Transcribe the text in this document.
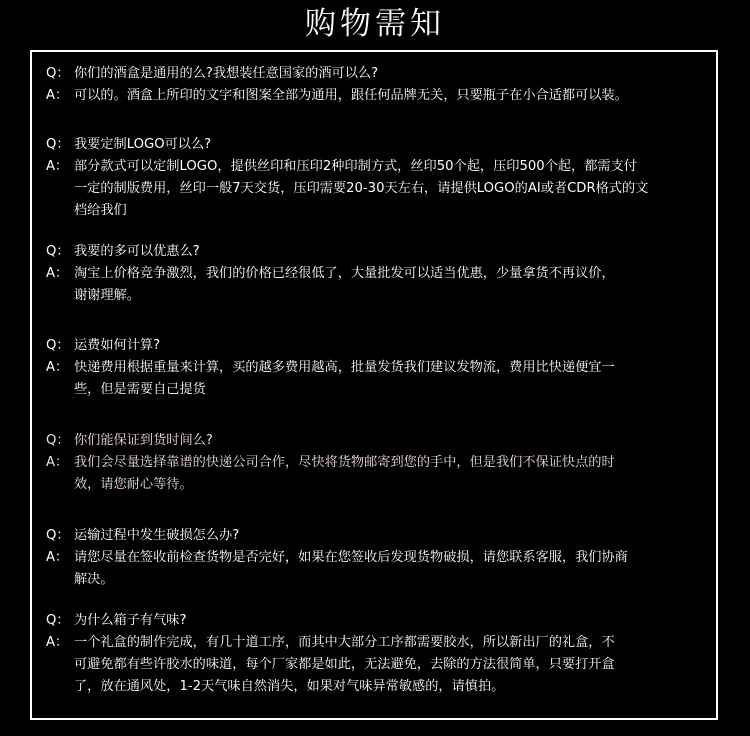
购物需知
Q： 你们的酒盒是通用的么?我想装任意国家的酒可以么?
A： 可以的。酒盒上所印的文字和图案全部为通用，跟任何品牌无关，只要瓶子在小合适都可以装。
Q： 我要定制LOGO可以么?
A： 部分款式可以定制LOGO，提供丝印和压印2种印制方式，丝印50个起，压印500个起，都需支付
一定的制版费用，丝印一般7天交货，压印需要20-30天左右，请提供LOGO的AI或者CDR格式的文
档给我们
Q： 我要的多可以优惠么?
A： 淘宝上价格竞争激烈，我们的价格已经很低了，大量批发可以适当优惠，少量拿货不再议价，
谢谢理解。
Q： 运费如何计算?
A： 快递费用根据重量来计算，买的越多费用越高，批量发货我们建议发物流，费用比快递便宜一
些，但是需要自己提货
Q： 你们能保证到货时间么?
A： 我们会尽量选择靠谱的快递公司合作，尽快将货物邮寄到您的手中，但是我们不保证快点的时
效，请您耐心等待。
Q： 运输过程中发生破损怎么办?
A： 请您尽量在签收前检查货物是否完好，如果在您签收后发现货物破损，请您联系客服，我们协商
解决。
Q： 为什么箱子有气味?
A： 一个礼盒的制作完成，有几十道工序，而其中大部分工序都需要胶水，所以新出厂的礼盒，不
可避免都有些许胶水的味道，每个厂家都是如此，无法避免，去除的方法很简单，只要打开盒
了，放在通风处，1-2天气味自然消失，如果对气味异常敏感的，请慎拍。
